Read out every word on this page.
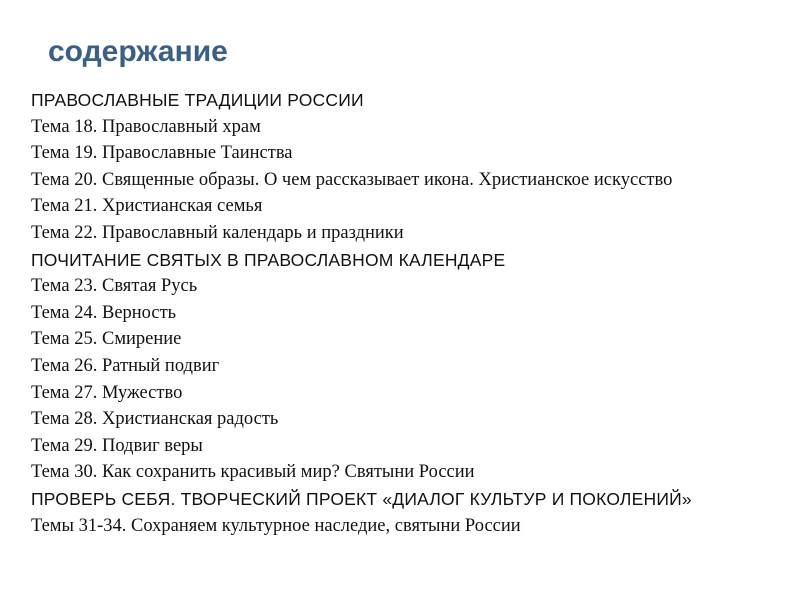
содержание
ПРАВОСЛАВНЫЕ ТРАДИЦИИ РОССИИ
Тема 18. Православный храм
Тема 19. Православные Таинства
Тема 20. Священные образы. О чем рассказывает икона. Христианское искусство
Тема 21. Христианская семья
Тема 22. Православный календарь и праздники
ПОЧИТАНИЕ СВЯТЫХ В ПРАВОСЛАВНОМ КАЛЕНДАРЕ
Тема 23. Святая Русь
Тема 24. Верность
Тема 25. Смирение
Тема 26. Ратный подвиг
Тема 27. Мужество
Тема 28. Христианская радость
Тема 29. Подвиг веры
Тема 30. Как сохранить красивый мир? Святыни России
ПРОВЕРЬ СЕБЯ. ТВОРЧЕСКИЙ ПРОЕКТ «ДИАЛОГ КУЛЬТУР И ПОКОЛЕНИЙ»
Темы 31-34. Сохраняем культурное наследие, святыни России
